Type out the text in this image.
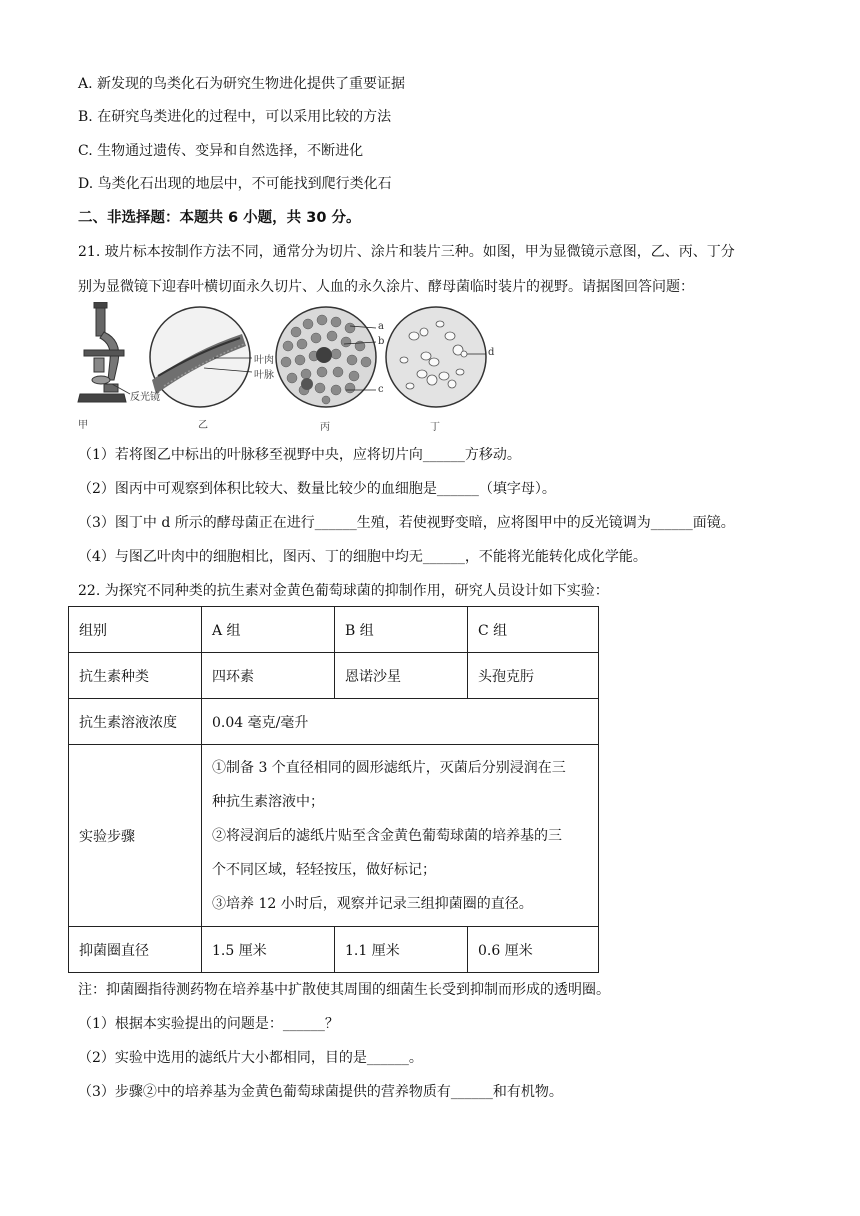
A. 新发现的鸟类化石为研究生物进化提供了重要证据
B. 在研究鸟类进化的过程中，可以采用比较的方法
C. 生物通过遗传、变异和自然选择，不断进化
D. 鸟类化石出现的地层中，不可能找到爬行类化石
二、非选择题：本题共 6 小题，共 30 分。
21. 玻片标本按制作方法不同，通常分为切片、涂片和装片三种。如图，甲为显微镜示意图，乙、丙、丁分
别为显微镜下迎春叶横切面永久切片、人血的永久涂片、酵母菌临时装片的视野。请据图回答问题：
反光镜
甲
叶肉
叶脉
乙
a
b
c
丙
d
丁
（1）若将图乙中标出的叶脉移至视野中央，应将切片向______方移动。
（2）图丙中可观察到体积比较大、数量比较少的血细胞是______（填字母）。
（3）图丁中 d 所示的酵母菌正在进行______生殖，若使视野变暗，应将图甲中的反光镜调为______面镜。
（4）与图乙叶肉中的细胞相比，图丙、丁的细胞中均无______，不能将光能转化成化学能。
22. 为探究不同种类的抗生素对金黄色葡萄球菌的抑制作用，研究人员设计如下实验：
组别	A 组	B 组	C 组
抗生素种类	四环素	恩诺沙星	头孢克肟
抗生素溶液浓度	0.04 毫克/毫升		
实验步骤	①制备 3 个直径相同的圆形滤纸片，灭菌后分别浸润在三
种抗生素溶液中；
②将浸润后的滤纸片贴至含金黄色葡萄球菌的培养基的三
个不同区域，轻轻按压，做好标记；
③培养 12 小时后，观察并记录三组抑菌圈的直径。		

抑菌圈直径	1.5 厘米	1.1 厘米	0.6 厘米
注：抑菌圈指待测药物在培养基中扩散使其周围的细菌生长受到抑制而形成的透明圈。
（1）根据本实验提出的问题是：______？
（2）实验中选用的滤纸片大小都相同，目的是______。
（3）步骤②中的培养基为金黄色葡萄球菌提供的营养物质有______和有机物。
